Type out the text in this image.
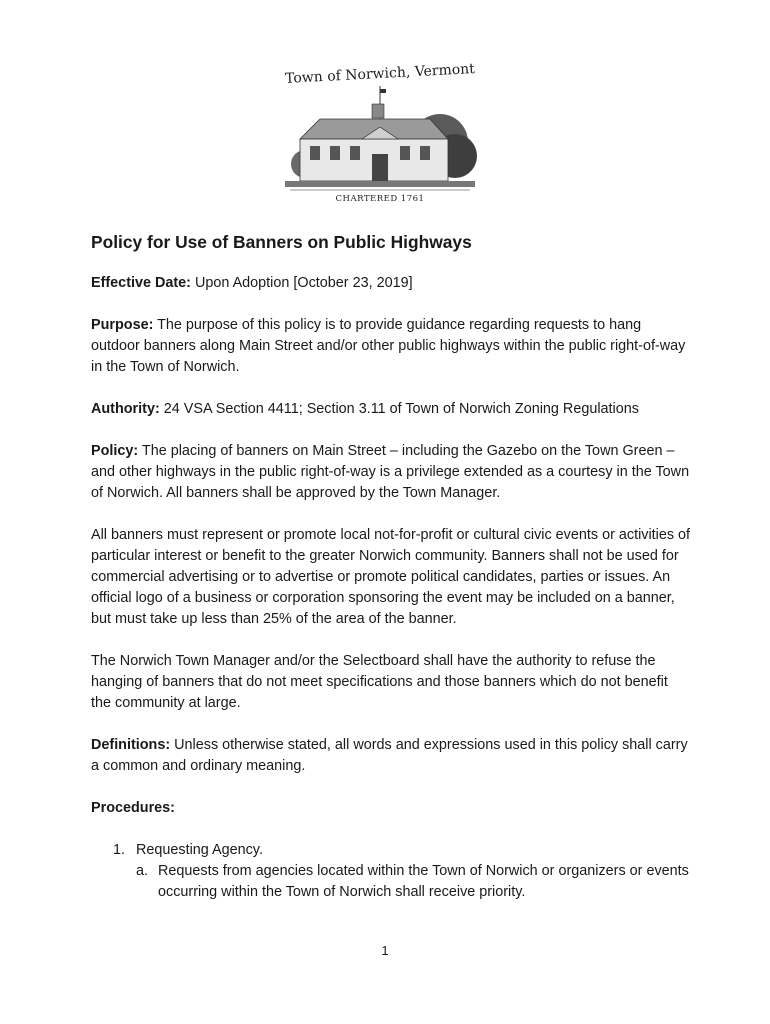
Town of Norwich, Vermont
CHARTERED 1761
Policy for Use of Banners on Public Highways

Effective Date: Upon Adoption [October 23, 2019]

Purpose: The purpose of this policy is to provide guidance regarding requests to hang outdoor banners along Main Street and/or other public highways within the public right-of-way in the Town of Norwich.

Authority: 24 VSA Section 4411; Section 3.11 of Town of Norwich Zoning Regulations

Policy: The placing of banners on Main Street – including the Gazebo on the Town Green – and other highways in the public right-of-way is a privilege extended as a courtesy in the Town of Norwich. All banners shall be approved by the Town Manager.

All banners must represent or promote local not-for-profit or cultural civic events or activities of particular interest or benefit to the greater Norwich community. Banners shall not be used for commercial advertising or to advertise or promote political candidates, parties or issues. An official logo of a business or corporation sponsoring the event may be included on a banner, but must take up less than 25% of the area of the banner.

The Norwich Town Manager and/or the Selectboard shall have the authority to refuse the hanging of banners that do not meet specifications and those banners which do not benefit the community at large.

Definitions: Unless otherwise stated, all words and expressions used in this policy shall carry a common and ordinary meaning.

Procedures:

1. Requesting Agency.
a. Requests from agencies located within the Town of Norwich or organizers or events occurring within the Town of Norwich shall receive priority.
1
